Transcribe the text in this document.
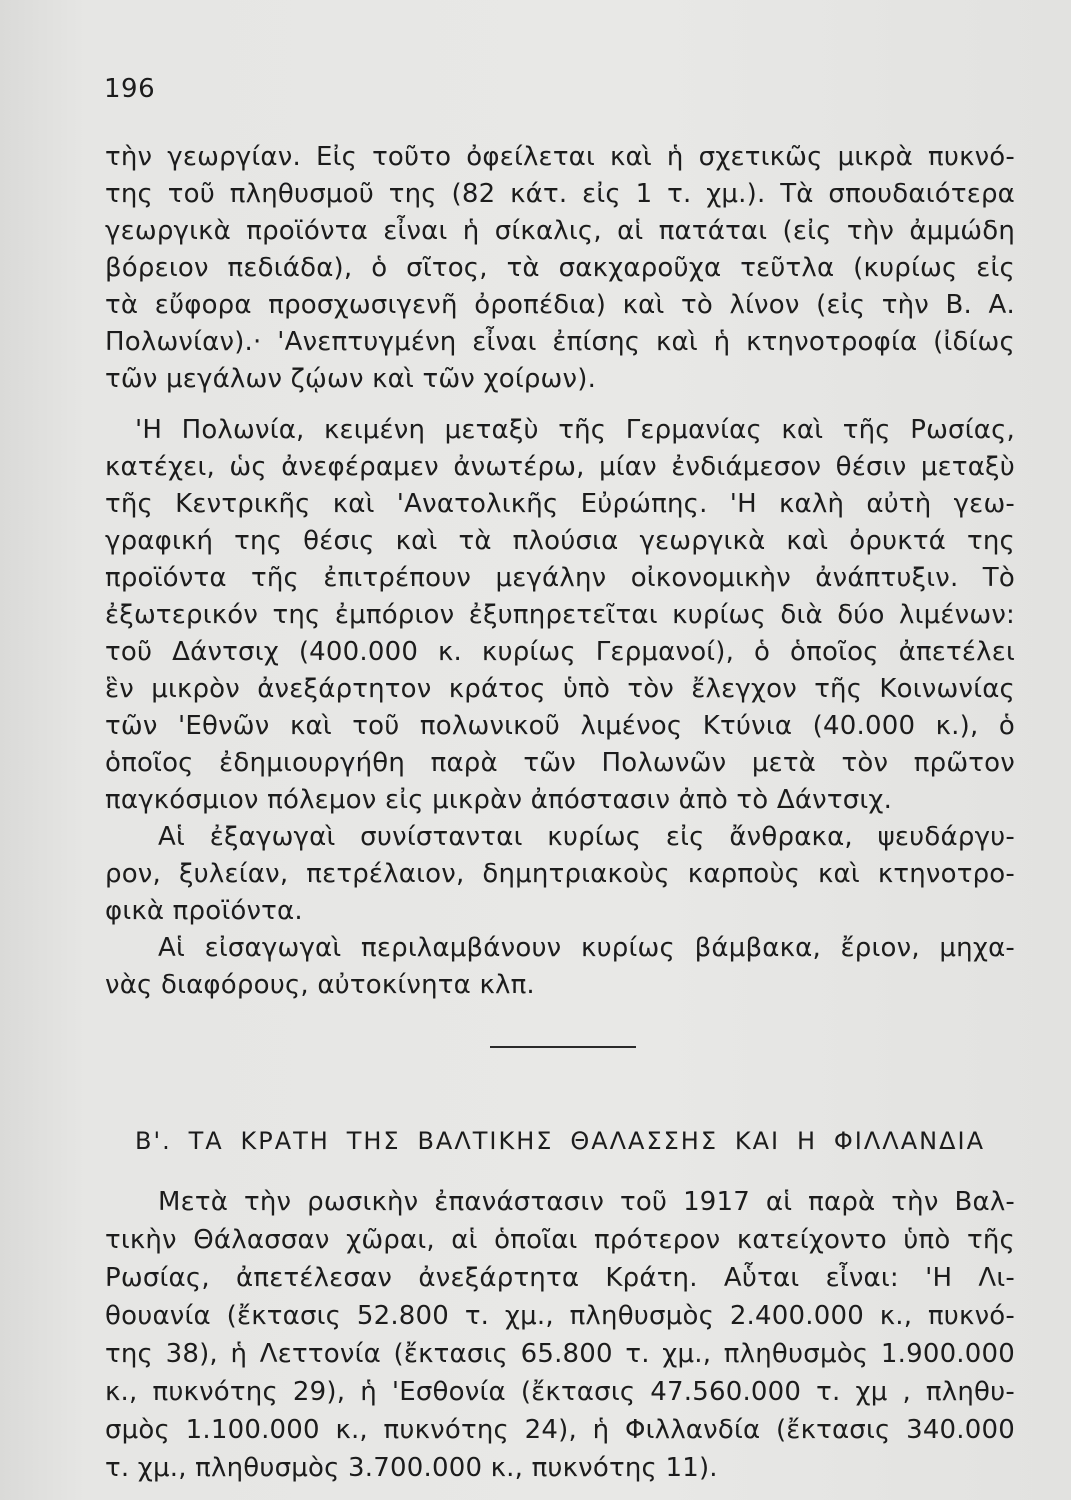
196
τὴν γεωργίαν. Εἰς τοῦτο ὀφείλεται καὶ ἡ σχετικῶς μικρὰ πυκνό-
της τοῦ πληθυσμοῦ της (82 κάτ. εἰς 1 τ. χμ.). Τὰ σπουδαιότερα
γεωργικὰ προϊόντα εἶναι ἡ σίκαλις, αἱ πατάται (εἰς τὴν ἀμμώδη
βόρειον πεδιάδα), ὁ σῖτος, τὰ σακχαροῦχα τεῦτλα (κυρίως εἰς
τὰ εὔφορα προσχωσιγενῆ ὀροπέδια) καὶ τὸ λίνον (εἰς τὴν Β. Α.
Πολωνίαν).· 'Ανεπτυγμένη εἶναι ἐπίσης καὶ ἡ κτηνοτροφία (ἰδίως
τῶν μεγάλων ζῴων καὶ τῶν χοίρων).
'Η Πολωνία, κειμένη μεταξὺ τῆς Γερμανίας καὶ τῆς Ρωσίας,
κατέχει, ὡς ἀνεφέραμεν ἀνωτέρω, μίαν ἐνδιάμεσον θέσιν μεταξὺ
τῆς Κεντρικῆς καὶ 'Ανατολικῆς Εὐρώπης. 'Η καλὴ αὐτὴ γεω-
γραφική της θέσις καὶ τὰ πλούσια γεωργικὰ καὶ ὀρυκτά της
προϊόντα τῆς ἐπιτρέπουν μεγάλην οἰκονομικὴν ἀνάπτυξιν. Τὸ
ἐξωτερικόν της ἐμπόριον ἐξυπηρετεῖται κυρίως διὰ δύο λιμένων:
τοῦ Δάντσιχ (400.000 κ. κυρίως Γερμανοί), ὁ ὁποῖος ἀπετέλει
ἓν μικρὸν ἀνεξάρτητον κράτος ὑπὸ τὸν ἔλεγχον τῆς Κοινωνίας
τῶν 'Εθνῶν καὶ τοῦ πολωνικοῦ λιμένος Κτύνια (40.000 κ.), ὁ
ὁποῖος ἐδημιουργήθη παρὰ τῶν Πολωνῶν μετὰ τὸν πρῶτον
παγκόσμιον πόλεμον εἰς μικρὰν ἀπόστασιν ἀπὸ τὸ Δάντσιχ.
Αἱ ἐξαγωγαὶ συνίστανται κυρίως εἰς ἄνθρακα, ψευδάργυ-
ρον, ξυλείαν, πετρέλαιον, δημητριακοὺς καρποὺς καὶ κτηνοτρο-
φικὰ προϊόντα.
Αἱ εἰσαγωγαὶ περιλαμβάνουν κυρίως βάμβακα, ἔριον, μηχα-
νὰς διαφόρους, αὐτοκίνητα κλπ.
Β'. ΤΑ ΚΡΑΤΗ ΤΗΣ ΒΑΛΤΙΚΗΣ ΘΑΛΑΣΣΗΣ ΚΑΙ Η ΦΙΛΛΑΝΔΙΑ
Μετὰ τὴν ρωσικὴν ἐπανάστασιν τοῦ 1917 αἱ παρὰ τὴν Βαλ-
τικὴν Θάλασσαν χῶραι, αἱ ὁποῖαι πρότερον κατείχοντο ὑπὸ τῆς
Ρωσίας, ἀπετέλεσαν ἀνεξάρτητα Κράτη. Αὗται εἶναι: 'Η Λι-
θουανία (ἔκτασις 52.800 τ. χμ., πληθυσμὸς 2.400.000 κ., πυκνό-
της 38), ἡ Λεττονία (ἔκτασις 65.800 τ. χμ., πληθυσμὸς 1.900.000
κ., πυκνότης 29), ἡ 'Εσθονία (ἔκτασις 47.560.000 τ. χμ , πληθυ-
σμὸς 1.100.000 κ., πυκνότης 24), ἡ Φιλλανδία (ἔκτασις 340.000
τ. χμ., πληθυσμὸς 3.700.000 κ., πυκνότης 11).
